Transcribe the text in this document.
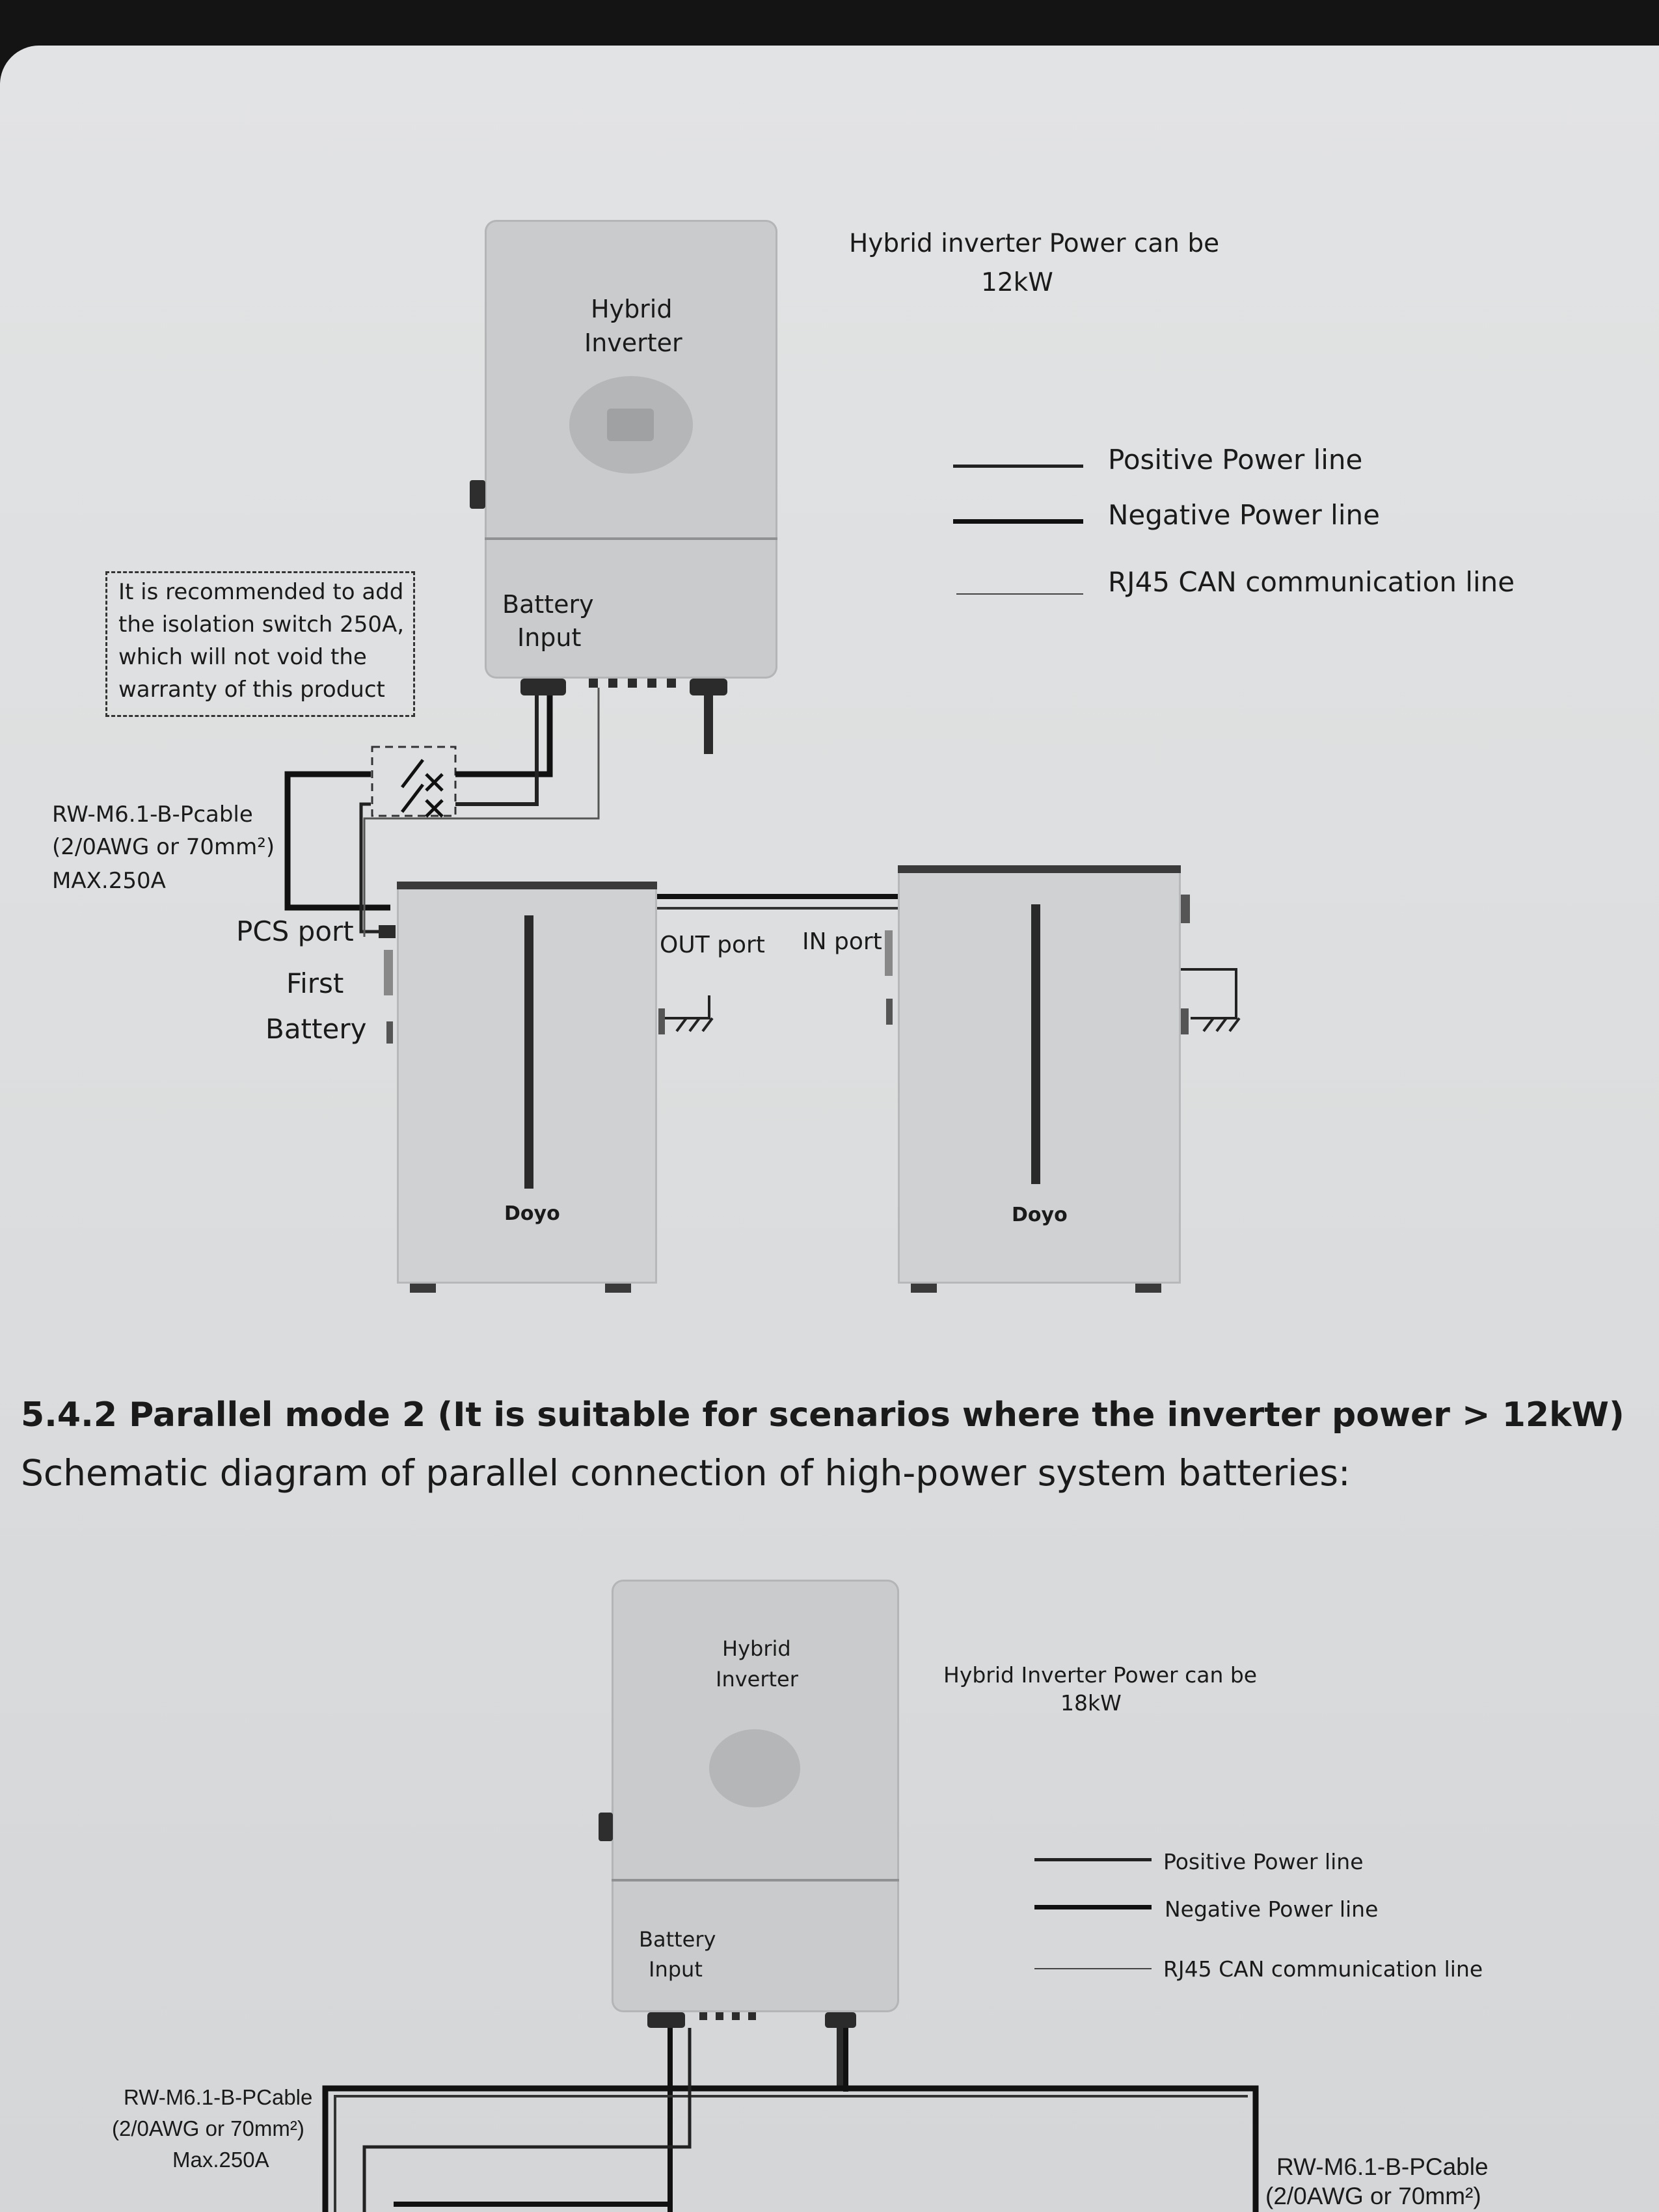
Hybrid
Inverter
Battery
Input
Hybrid inverter Power can be
12kW
Positive Power line
Negative Power line
RJ45 CAN communication line
It is recommended to add
the isolation switch 250A,
which will not void the
warranty of this product
Doyo	Doyo
RW-M6.1-B-Pcable
(2/0AWG or 70mm²)
MAX.250A
PCS port
First
Battery
OUT port IN port
5.4.2 Parallel mode 2 (It is suitable for scenarios where the inverter power > 12kW)
Schematic diagram of parallel connection of high-power system batteries:
Hybrid
Inverter
Battery
Input
Hybrid Inverter Power can be
18kW
Positive Power line
Negative Power line
RJ45 CAN communication line
RW-M6.1-B-PCable
(2/0AWG or 70mm²)
Max.250A	RW-M6.1-B-PCable
(2/0AWG or 70mm²)
